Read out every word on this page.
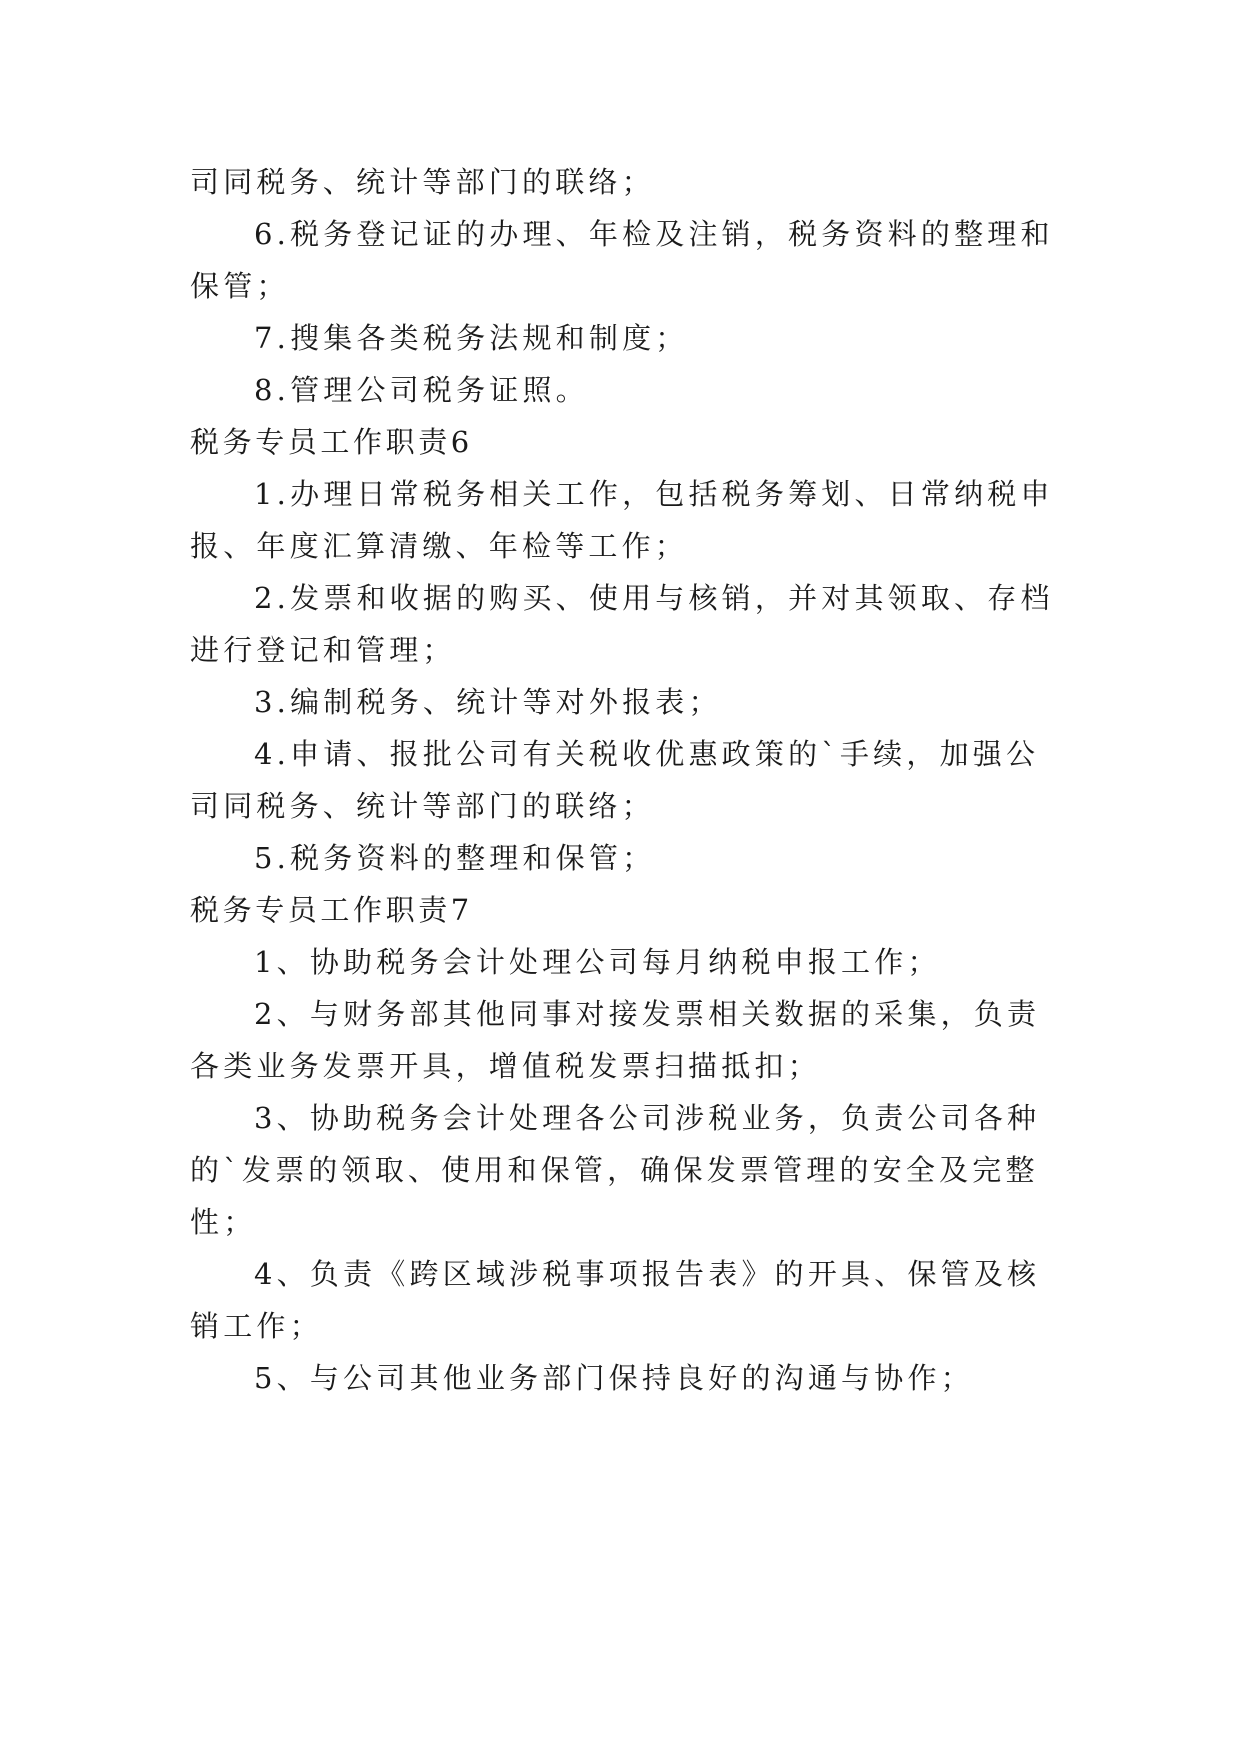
司同税务、统计等部门的联络；
6.税务登记证的办理、年检及注销，税务资料的整理和
保管；
7.搜集各类税务法规和制度；
8.管理公司税务证照。
税务专员工作职责6
1.办理日常税务相关工作，包括税务筹划、日常纳税申
报、年度汇算清缴、年检等工作；
2.发票和收据的购买、使用与核销，并对其领取、存档
进行登记和管理；
3.编制税务、统计等对外报表；
4.申请、报批公司有关税收优惠政策的`手续，加强公
司同税务、统计等部门的联络；
5.税务资料的整理和保管；
税务专员工作职责7
1、协助税务会计处理公司每月纳税申报工作；
2、与财务部其他同事对接发票相关数据的采集，负责
各类业务发票开具，增值税发票扫描抵扣；
3、协助税务会计处理各公司涉税业务，负责公司各种
的`发票的领取、使用和保管，确保发票管理的安全及完整
性；
4、负责《跨区域涉税事项报告表》的开具、保管及核
销工作；
5、与公司其他业务部门保持良好的沟通与协作；
